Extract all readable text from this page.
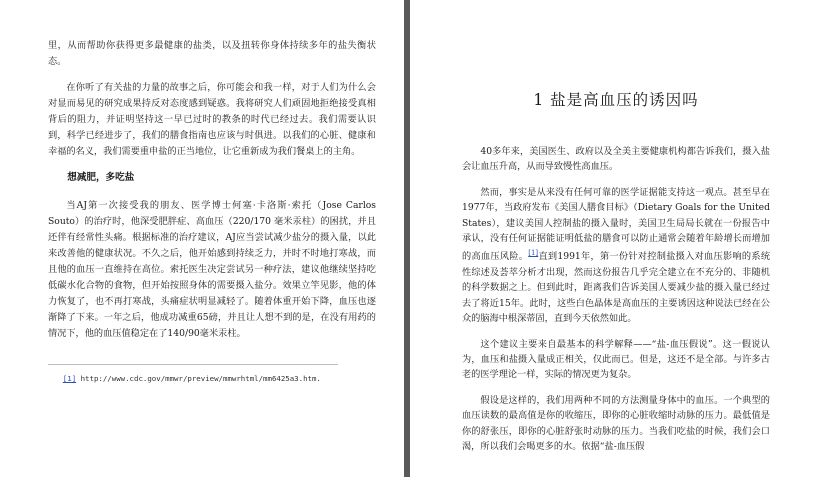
里，从而帮助你获得更多最健康的盐类，以及扭转你身体持续多年的盐失衡状态。

在你听了有关盐的力量的故事之后，你可能会和我一样，对于人们为什么会对显而易见的研究成果持反对态度感到疑惑。我将研究人们顽固地拒绝接受真相背后的阻力，并证明坚持这一早已过时的教条的时代已经过去。我们需要认识到，科学已经进步了，我们的膳食指南也应该与时俱进。以我们的心脏、健康和幸福的名义，我们需要重申盐的正当地位，让它重新成为我们餐桌上的主角。

想减肥，多吃盐

当AJ第一次接受我的朋友、医学博士何塞·卡洛斯·索托（Jose Carlos Souto）的治疗时，他深受肥胖症、高血压（220/170 毫米汞柱）的困扰，并且还伴有经常性头痛。根据标准的治疗建议，AJ应当尝试减少盐分的摄入量，以此来改善他的健康状况。不久之后，他开始感到持续乏力，并时不时地打寒战，而且他的血压一直维持在高位。索托医生决定尝试另一种疗法，建议他继续坚持吃低碳水化合物的食物，但开始按照身体的需要摄入盐分。效果立竿见影，他的体力恢复了，也不再打寒战，头痛症状明显减轻了。随着体重开始下降，血压也逐渐降了下来。一年之后，他成功减重65磅，并且让人想不到的是，在没有用药的情况下，他的血压值稳定在了140/90毫米汞柱。

[1] http://www.cdc.gov/mmwr/preview/mmwrhtml/mm6425a3.htm.
1 盐是高血压的诱因吗

40多年来，美国医生、政府以及全美主要健康机构都告诉我们，摄入盐会让血压升高，从而导致慢性高血压。

然而，事实是从来没有任何可靠的医学证据能支持这一观点。甚至早在1977年，当政府发布《美国人膳食目标》（Dietary Goals for the United States），建议美国人控制盐的摄入量时，美国卫生局局长就在一份报告中承认，没有任何证据能证明低盐的膳食可以防止通常会随着年龄增长而增加的高血压风险。[1]直到1991年，第一份针对控制盐摄入对血压影响的系统性综述及荟萃分析才出现，然而这份报告几乎完全建立在不充分的、非随机的科学数据之上。但到此时，距离我们告诉美国人要减少盐的摄入量已经过去了将近15年。此时，这些白色晶体是高血压的主要诱因这种说法已经在公众的脑海中根深蒂固，直到今天依然如此。

这个建议主要来自最基本的科学解释——“盐-血压假说”。这一假说认为，血压和盐摄入量成正相关，仅此而已。但是，这还不是全部。与许多古老的医学理论一样，实际的情况更为复杂。

假设是这样的，我们用两种不同的方法测量身体中的血压。一个典型的血压读数的最高值是你的收缩压，即你的心脏收缩时动脉的压力。最低值是你的舒张压，即你的心脏舒张时动脉的压力。当我们吃盐的时候，我们会口渴，所以我们会喝更多的水。依据“盐-血压假
